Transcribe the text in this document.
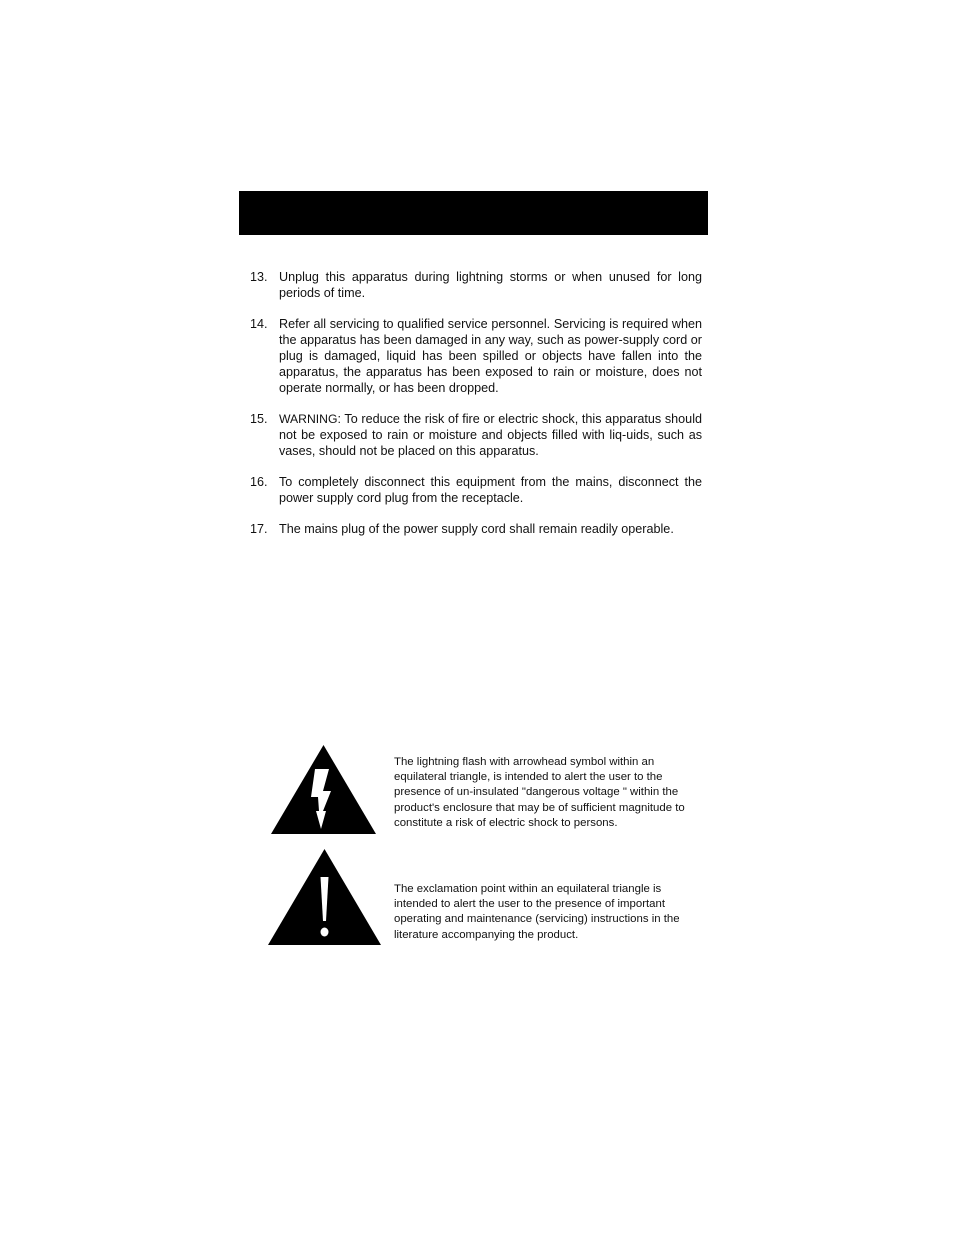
13. Unplug this apparatus during lightning storms or when unused for long periods of time.
14. Refer all servicing to qualified service personnel. Servicing is required when the apparatus has been damaged in any way, such as power-supply cord or plug is damaged, liquid has been spilled or objects have fallen into the apparatus, the apparatus has been exposed to rain or moisture, does not operate normally, or has been dropped.
15. WARNING: To reduce the risk of fire or electric shock, this apparatus should not be exposed to rain or moisture and objects filled with liq-uids, such as vases, should not be placed on this apparatus.
16. To completely disconnect this equipment from the mains, disconnect the power supply cord plug from the receptacle.
17. The mains plug of the power supply cord shall remain readily operable.

The lightning flash with arrowhead symbol within an equilateral triangle, is intended to alert the user to the presence of un-insulated "dangerous voltage " within the product's enclosure that may be of sufficient magnitude to constitute a risk of electric shock to persons.

The exclamation point within an equilateral triangle is intended to alert the user to the presence of important operating and maintenance (servicing) instructions in the literature accompanying the product.
